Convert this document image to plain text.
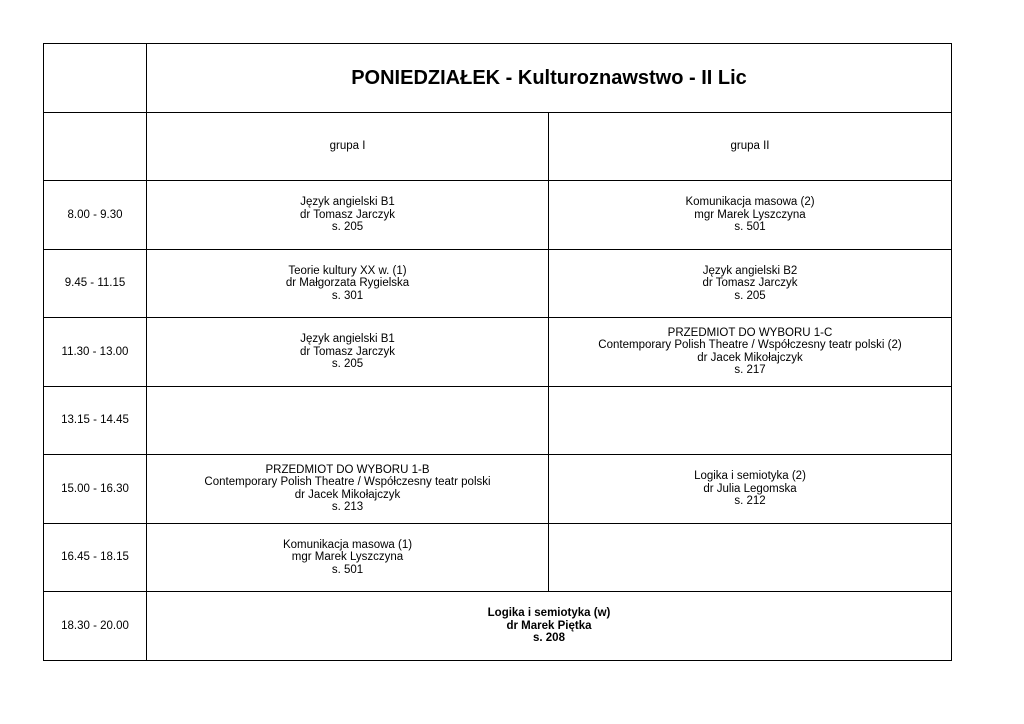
	PONIEDZIAŁEK - Kulturoznawstwo - II Lic	
	grupa I	grupa II
8.00 - 9.30	Język angielski B1
dr Tomasz Jarczyk
s. 205	Komunikacja masowa (2)
mgr Marek Lyszczyna
s. 501

9.45 - 11.15	Teorie kultury XX w. (1)
dr Małgorzata Rygielska
s. 301	Język angielski B2
dr Tomasz Jarczyk
s. 205

11.30 - 13.00	Język angielski B1
dr Tomasz Jarczyk
s. 205	PRZEDMIOT DO WYBORU 1-C
Contemporary Polish Theatre / Współczesny teatr polski (2)
dr Jacek Mikołajczyk
s. 217

13.15 - 14.45		
15.00 - 16.30	PRZEDMIOT DO WYBORU 1-B
Contemporary Polish Theatre / Współczesny teatr polski
dr Jacek Mikołajczyk
s. 213	Logika i semiotyka (2)
dr Julia Legomska
s. 212

16.45 - 18.15	Komunikacja masowa (1)
mgr Marek Lyszczyna
s. 501	

18.30 - 20.00	Logika i semiotyka (w)
dr Marek Piętka
s. 208	
